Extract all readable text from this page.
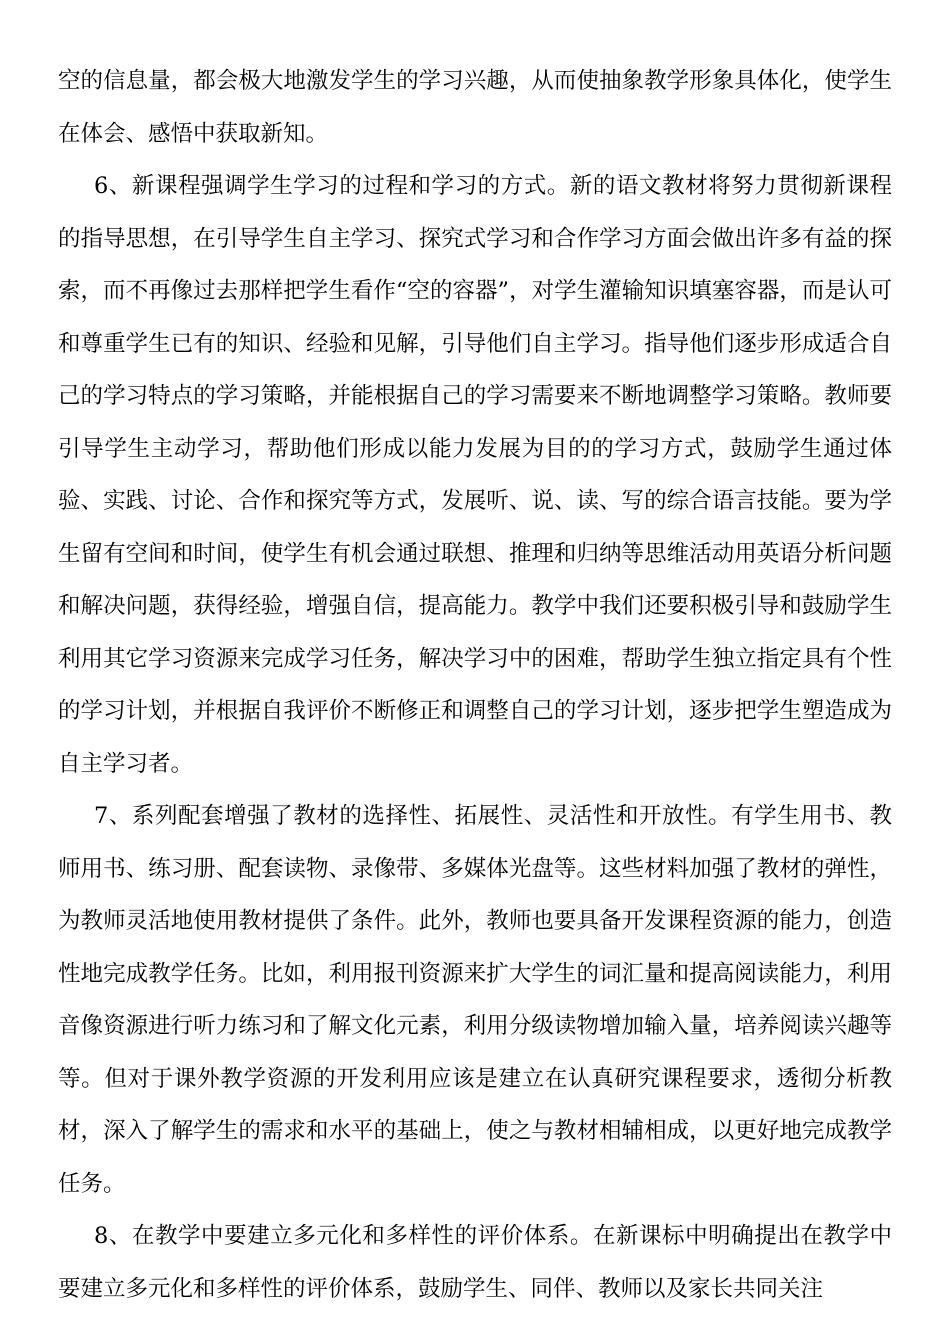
空的信息量，都会极大地激发学生的学习兴趣，从而使抽象教学形象具体化，使学生在体会、感悟中获取新知。

6、新课程强调学生学习的过程和学习的方式。新的语文教材将努力贯彻新课程的指导思想，在引导学生自主学习、探究式学习和合作学习方面会做出许多有益的探索，而不再像过去那样把学生看作“空的容器”，对学生灌输知识填塞容器，而是认可和尊重学生已有的知识、经验和见解，引导他们自主学习。指导他们逐步形成适合自己的学习特点的学习策略，并能根据自己的学习需要来不断地调整学习策略。教师要引导学生主动学习，帮助他们形成以能力发展为目的的学习方式，鼓励学生通过体验、实践、讨论、合作和探究等方式，发展听、说、读、写的综合语言技能。要为学生留有空间和时间，使学生有机会通过联想、推理和归纳等思维活动用英语分析问题和解决问题，获得经验，增强自信，提高能力。教学中我们还要积极引导和鼓励学生利用其它学习资源来完成学习任务，解决学习中的困难，帮助学生独立指定具有个性的学习计划，并根据自我评价不断修正和调整自己的学习计划，逐步把学生塑造成为自主学习者。

7、系列配套增强了教材的选择性、拓展性、灵活性和开放性。有学生用书、教师用书、练习册、配套读物、录像带、多媒体光盘等。这些材料加强了教材的弹性，为教师灵活地使用教材提供了条件。此外，教师也要具备开发课程资源的能力，创造性地完成教学任务。比如，利用报刊资源来扩大学生的词汇量和提高阅读能力，利用音像资源进行听力练习和了解文化元素，利用分级读物增加输入量，培养阅读兴趣等等。但对于课外教学资源的开发利用应该是建立在认真研究课程要求，透彻分析教材，深入了解学生的需求和水平的基础上，使之与教材相辅相成，以更好地完成教学任务。

8、在教学中要建立多元化和多样性的评价体系。在新课标中明确提出在教学中要建立多元化和多样性的评价体系，鼓励学生、同伴、教师以及家长共同关注
